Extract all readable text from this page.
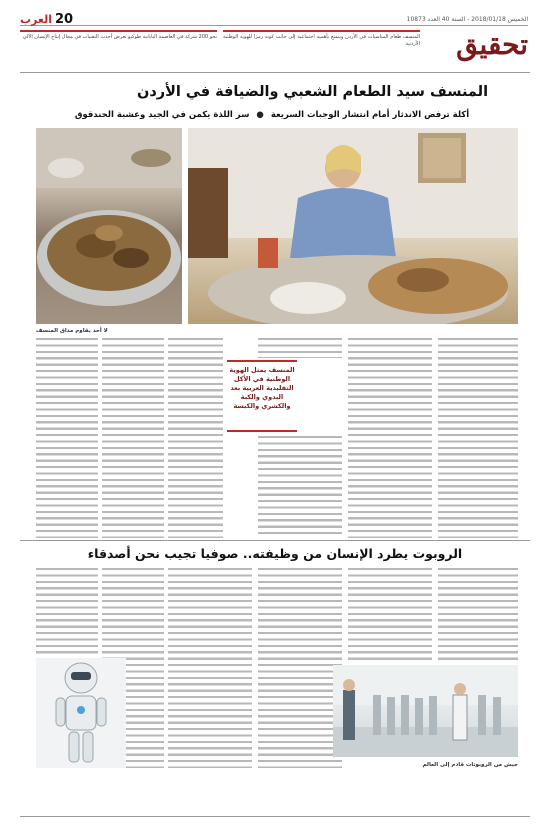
الخميس 2018/01/18 - السنة 40 العدد 10873
20
العرب
المنسف طعام المناسبات في الأردن ويتمتع بأهمية اجتماعية إلى جانب كونه رمزا للهوية الوطنية الأردنية
نحو 200 شركة في العاصمة اليابانية طوكيو تعرض أحدث التقنيات في مجال إنتاج الإنسان الآلي	تحقيق
المنسف سيد الطعام الشعبي والضيافة في الأردن
أكلة ترفض الاندثار أمام انتشار الوجبات السريعة ● سر اللذة يكمن في الجيد وعشبة الحندقوق
لا أحد يقاوم مذاق المنسف
المنسف يمثل الهوية الوطنية في الأكل التقليدية العربية بعد البدوي والكبة والكشري والكبسة
الروبوت يطرد الإنسان من وظيفته.. صوفيا تجيب نحن أصدقاء
جيش من الروبوتات قادم إلى العالم
